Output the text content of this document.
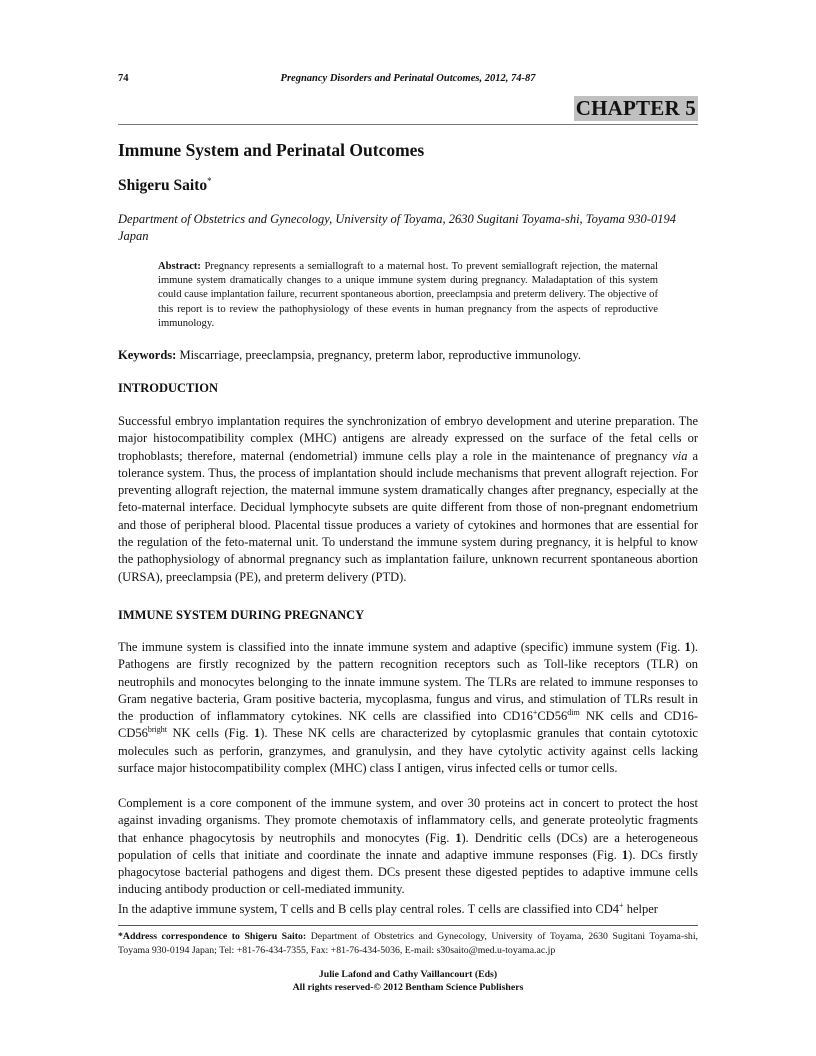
74	Pregnancy Disorders and Perinatal Outcomes, 2012, 74-87
CHAPTER 5
Immune System and Perinatal Outcomes
Shigeru Saito*
Department of Obstetrics and Gynecology, University of Toyama, 2630 Sugitani Toyama-shi, Toyama 930-0194 Japan
Abstract: Pregnancy represents a semiallograft to a maternal host. To prevent semiallograft rejection, the maternal immune system dramatically changes to a unique immune system during pregnancy. Maladaptation of this system could cause implantation failure, recurrent spontaneous abortion, preeclampsia and preterm delivery. The objective of this report is to review the pathophysiology of these events in human pregnancy from the aspects of reproductive immunology.
Keywords: Miscarriage, preeclampsia, pregnancy, preterm labor, reproductive immunology.
INTRODUCTION

Successful embryo implantation requires the synchronization of embryo development and uterine preparation. The major histocompatibility complex (MHC) antigens are already expressed on the surface of the fetal cells or trophoblasts; therefore, maternal (endometrial) immune cells play a role in the maintenance of pregnancy via a tolerance system. Thus, the process of implantation should include mechanisms that prevent allograft rejection. For preventing allograft rejection, the maternal immune system dramatically changes after pregnancy, especially at the feto-maternal interface. Decidual lymphocyte subsets are quite different from those of non-pregnant endometrium and those of peripheral blood. Placental tissue produces a variety of cytokines and hormones that are essential for the regulation of the feto-maternal unit. To understand the immune system during pregnancy, it is helpful to know the pathophysiology of abnormal pregnancy such as implantation failure, unknown recurrent spontaneous abortion (URSA), preeclampsia (PE), and preterm delivery (PTD).

IMMUNE SYSTEM DURING PREGNANCY

The immune system is classified into the innate immune system and adaptive (specific) immune system (Fig. 1). Pathogens are firstly recognized by the pattern recognition receptors such as Toll-like receptors (TLR) on neutrophils and monocytes belonging to the innate immune system. The TLRs are related to immune responses to Gram negative bacteria, Gram positive bacteria, mycoplasma, fungus and virus, and stimulation of TLRs result in the production of inflammatory cytokines. NK cells are classified into $CD16^+CD56^{dim}$ NK cells and $CD16-CD56^{bright}$ NK cells (Fig. 1). These NK cells are characterized by cytoplasmic granules that contain cytotoxic molecules such as perforin, granzymes, and granulysin, and they have cytolytic activity against cells lacking surface major histocompatibility complex (MHC) class I antigen, virus infected cells or tumor cells.

Complement is a core component of the immune system, and over 30 proteins act in concert to protect the host against invading organisms. They promote chemotaxis of inflammatory cells, and generate proteolytic fragments that enhance phagocytosis by neutrophils and monocytes (Fig. 1). Dendritic cells (DCs) are a heterogeneous population of cells that initiate and coordinate the innate and adaptive immune responses (Fig. 1). DCs firstly phagocytose bacterial pathogens and digest them. DCs present these digested peptides to adaptive immune cells inducing antibody production or cell-mediated immunity.

In the adaptive immune system, T cells and B cells play central roles. T cells are classified into CD4+ helper

*Address correspondence to Shigeru Saito: Department of Obstetrics and Gynecology, University of Toyama, 2630 Sugitani Toyama-shi, Toyama 930-0194 Japan; Tel: +81-76-434-7355, Fax: +81-76-434-5036, E-mail: s30saito@med.u-toyama.ac.jp
Julie Lafond and Cathy Vaillancourt (Eds)
All rights reserved-© 2012 Bentham Science Publishers
